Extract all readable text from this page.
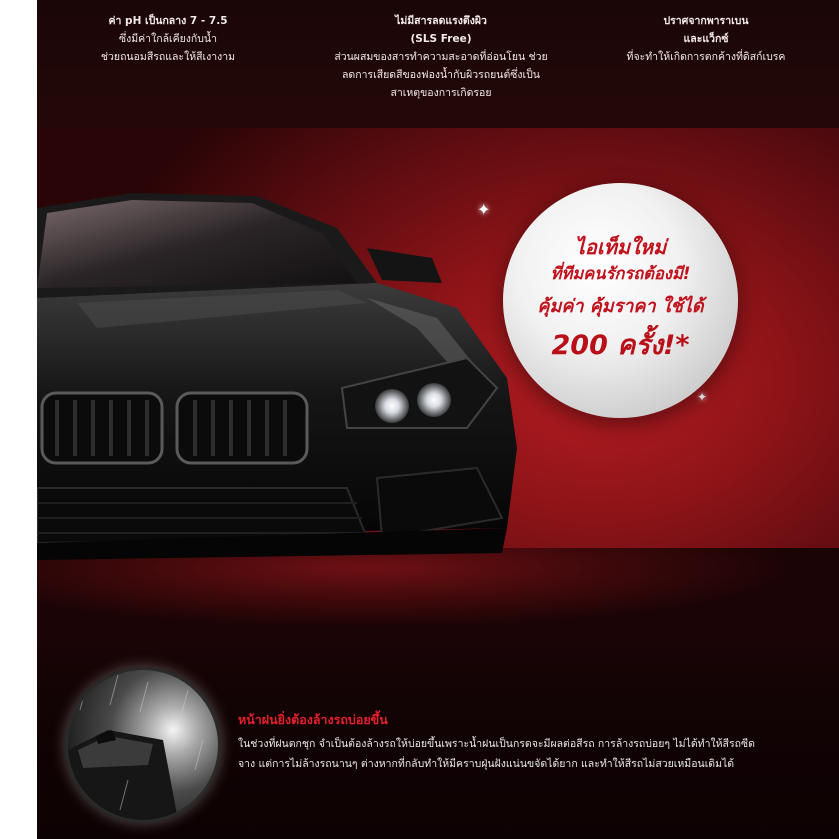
ค่า pH เป็นกลาง 7 - 7.5
ซึ่งมีค่าใกล้เคียงกับน้ำ
ช่วยถนอมสีรถและให้สีเงางาม
ไม่มีสารลดแรงตึงผิว
(SLS Free)
ส่วนผสมของสารทำความสะอาดที่อ่อนโยน ช่วย
ลดการเสียดสีของฟองน้ำกับผิวรถยนต์ซึ่งเป็น
สาเหตุของการเกิดรอย
ปราศจากพาราเบน
และแว็กซ์
ที่จะทำให้เกิดการตกค้างที่ดิสก์เบรค
✦
✦
ไอเท็มใหม่
ที่ทีมคนรักรถต้องมี!
คุ้มค่า คุ้มราคา ใช้ได้
200 ครั้ง!*
หน้าฝนยิ่งต้องล้างรถบ่อยขึ้น
ในช่วงที่ฝนตกชุก จำเป็นต้องล้างรถให้บ่อยขึ้นเพราะน้ำฝนเป็นกรดจะมีผลต่อสีรถ การล้างรถบ่อยๆ ไม่ได้ทำให้สีรถซีด
จาง แต่การไม่ล้างรถนานๆ ต่างหากที่กลับทำให้มีคราบฝุ่นฝังแน่นขจัดได้ยาก และทำให้สีรถไม่สวยเหมือนเดิมได้
